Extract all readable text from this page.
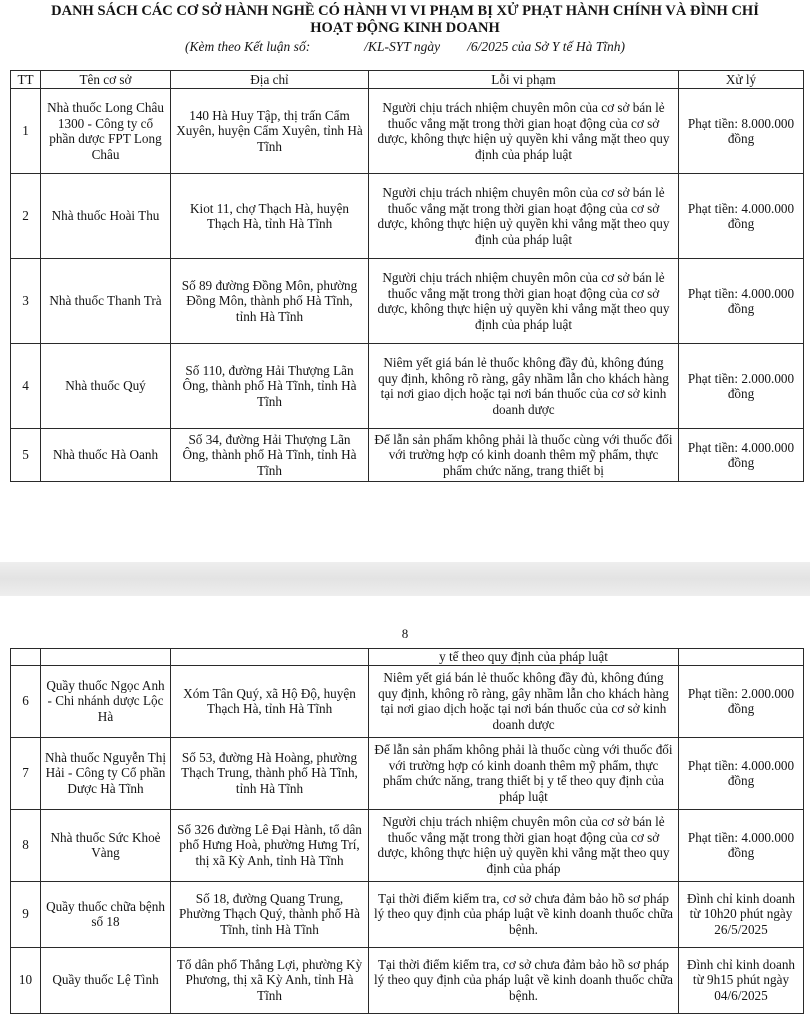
DANH SÁCH CÁC CƠ SỞ HÀNH NGHỀ CÓ HÀNH VI VI PHẠM BỊ XỬ PHẠT HÀNH CHÍNH VÀ ĐÌNH CHỈ
HOẠT ĐỘNG KINH DOANH
(Kèm theo Kết luận số:                /KL-SYT ngày        /6/2025 của Sở Y tế Hà Tĩnh)
TT	Tên cơ sở	Địa chỉ	Lỗi vi phạm	Xử lý
1	Nhà thuốc Long Châu 1300 - Công ty cổ phần dược FPT Long Châu	140 Hà Huy Tập, thị trấn Cẩm Xuyên, huyện Cẩm Xuyên, tỉnh Hà Tĩnh	Người chịu trách nhiệm chuyên môn của cơ sở bán lẻ thuốc vắng mặt trong thời gian hoạt động của cơ sở dược, không thực hiện uỷ quyền khi vắng mặt theo quy định của pháp luật	Phạt tiền: 8.000.000 đồng
2	Nhà thuốc Hoài Thu	Kiot 11, chợ Thạch Hà, huyện Thạch Hà, tỉnh Hà Tĩnh	Người chịu trách nhiệm chuyên môn của cơ sở bán lẻ thuốc vắng mặt trong thời gian hoạt động của cơ sở dược, không thực hiện uỷ quyền khi vắng mặt theo quy định của pháp luật	Phạt tiền: 4.000.000 đồng
3	Nhà thuốc Thanh Trà	Số 89 đường Đồng Môn, phường Đồng Môn, thành phố Hà Tĩnh, tỉnh Hà Tĩnh	Người chịu trách nhiệm chuyên môn của cơ sở bán lẻ thuốc vắng mặt trong thời gian hoạt động của cơ sở dược, không thực hiện uỷ quyền khi vắng mặt theo quy định của pháp luật	Phạt tiền: 4.000.000 đồng
4	Nhà thuốc Quý	Số 110, đường Hải Thượng Lãn Ông, thành phố Hà Tĩnh, tỉnh Hà Tĩnh	Niêm yết giá bán lẻ thuốc không đầy đủ, không đúng quy định, không rõ ràng, gây nhầm lẫn cho khách hàng tại nơi giao dịch hoặc tại nơi bán thuốc của cơ sở kinh doanh dược	Phạt tiền: 2.000.000 đồng
5	Nhà thuốc Hà Oanh	Số 34, đường Hải Thượng Lãn Ông, thành phố Hà Tĩnh, tỉnh Hà Tĩnh	Để lẫn sản phẩm không phải là thuốc cùng với thuốc đối với trường hợp có kinh doanh thêm mỹ phẩm, thực phẩm chức năng, trang thiết bị	Phạt tiền: 4.000.000 đồng
8
			y tế theo quy định của pháp luật	
6	Quầy thuốc Ngọc Anh - Chi nhánh dược Lộc Hà	Xóm Tân Quý, xã Hộ Độ, huyện Thạch Hà, tỉnh Hà Tĩnh	Niêm yết giá bán lẻ thuốc không đầy đủ, không đúng quy định, không rõ ràng, gây nhầm lẫn cho khách hàng tại nơi giao dịch hoặc tại nơi bán thuốc của cơ sở kinh doanh dược	Phạt tiền: 2.000.000 đồng
7	Nhà thuốc Nguyễn Thị Hải - Công ty Cổ phần Dược Hà Tĩnh	Số 53, đường Hà Hoàng, phường Thạch Trung, thành phố Hà Tĩnh, tỉnh Hà Tĩnh	Để lẫn sản phẩm không phải là thuốc cùng với thuốc đối với trường hợp có kinh doanh thêm mỹ phẩm, thực phẩm chức năng, trang thiết bị y tế theo quy định của pháp luật	Phạt tiền: 4.000.000 đồng
8	Nhà thuốc Sức Khoẻ Vàng	Số 326 đường Lê Đại Hành, tổ dân phố Hưng Hoà, phường Hưng Trí, thị xã Kỳ Anh, tỉnh Hà Tĩnh	Người chịu trách nhiệm chuyên môn của cơ sở bán lẻ thuốc vắng mặt trong thời gian hoạt động của cơ sở dược, không thực hiện uỷ quyền khi vắng mặt theo quy định của pháp	Phạt tiền: 4.000.000 đồng
9	Quầy thuốc chữa bệnh số 18	Số 18, đường Quang Trung, Phường Thạch Quý, thành phố Hà Tĩnh, tỉnh Hà Tĩnh	Tại thời điểm kiểm tra, cơ sở chưa đảm bảo hồ sơ pháp lý theo quy định của pháp luật về kinh doanh thuốc chữa bệnh.	Đình chỉ kinh doanh từ 10h20 phút ngày 26/5/2025
10	Quầy thuốc Lệ Tình	Tổ dân phố Thắng Lợi, phường Kỳ Phương, thị xã Kỳ Anh, tỉnh Hà Tĩnh	Tại thời điểm kiểm tra, cơ sở chưa đảm bảo hồ sơ pháp lý theo quy định của pháp luật về kinh doanh thuốc chữa bệnh.	Đình chỉ kinh doanh từ 9h15 phút ngày 04/6/2025
